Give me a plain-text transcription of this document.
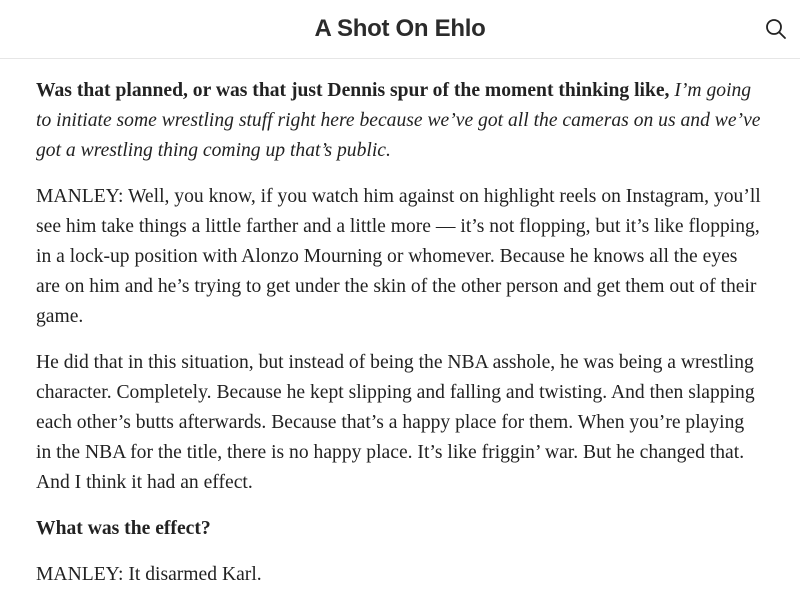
A Shot On Ehlo

Was that planned, or was that just Dennis spur of the moment thinking like, I’m going to initiate some wrestling stuff right here because we’ve got all the cameras on us and we’ve got a wrestling thing coming up that’s public.

MANLEY: Well, you know, if you watch him against on highlight reels on Instagram, you’ll see him take things a little farther and a little more — it’s not flopping, but it’s like flopping, in a lock-up position with Alonzo Mourning or whomever. Because he knows all the eyes are on him and he’s trying to get under the skin of the other person and get them out of their game.

He did that in this situation, but instead of being the NBA asshole, he was being a wrestling character. Completely. Because he kept slipping and falling and twisting. And then slapping each other’s butts afterwards. Because that’s a happy place for them. When you’re playing in the NBA for the title, there is no happy place. It’s like friggin’ war. But he changed that. And I think it had an effect.

What was the effect?

MANLEY: It disarmed Karl.
